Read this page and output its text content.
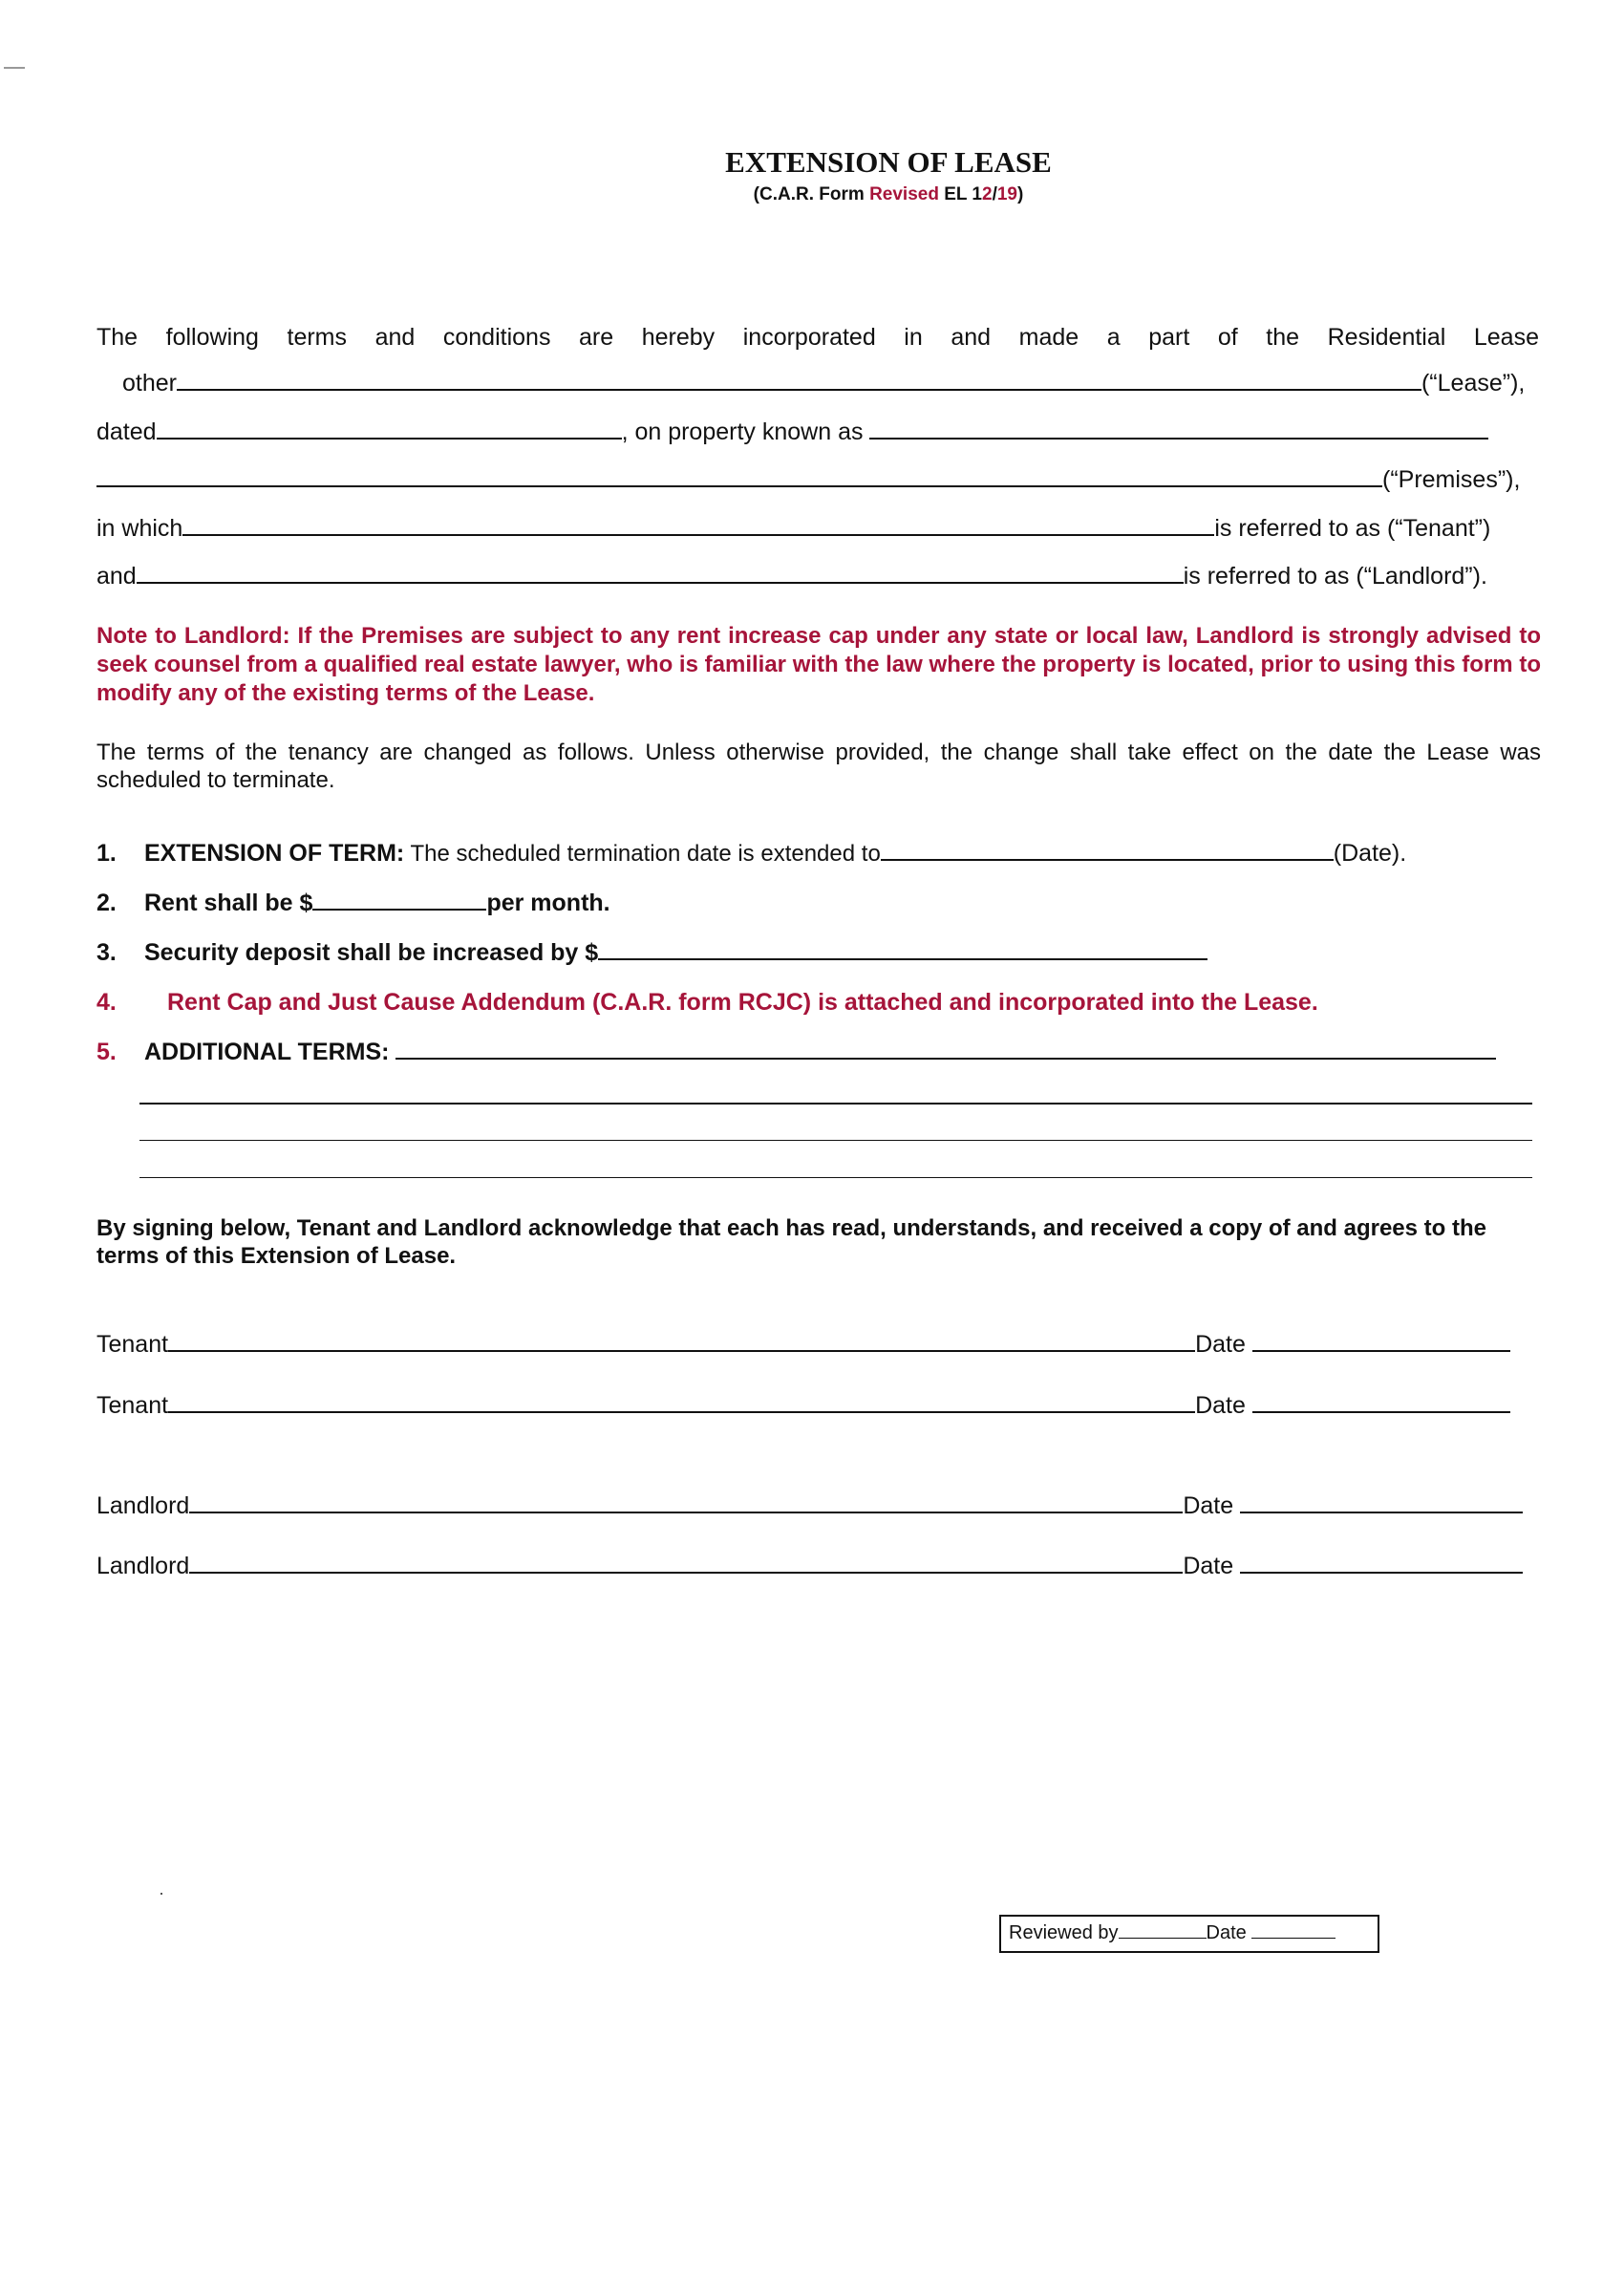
EXTENSION OF LEASE
(C.A.R. Form Revised EL 12/19)
The following terms and conditions are hereby incorporated in and made a part of the Residential Lease
other	(“Lease”),
dated	, on property known as
(“Premises”),
in which	is referred to as (“Tenant”)
and	is referred to as (“Landlord”).
Note to Landlord: If the Premises are subject to any rent increase cap under any state or local law, Landlord is strongly advised to seek counsel from a qualified real estate lawyer, who is familiar with the law where the property is located, prior to using this form to modify any of the existing terms of the Lease.
The terms of the tenancy are changed as follows. Unless otherwise provided, the change shall take effect on the date the Lease was scheduled to terminate.
1. EXTENSION OF TERM: The scheduled termination date is extended to	(Date).
2. Rent shall be $	per month.
3. Security deposit shall be increased by $
4. Rent Cap and Just Cause Addendum (C.A.R. form RCJC) is attached and incorporated into the Lease.
5. ADDITIONAL TERMS:
By signing below, Tenant and Landlord acknowledge that each has read, understands, and received a copy of and agrees to the terms of this Extension of Lease.
Tenant	Date
Tenant	Date
Landlord	Date
Landlord	Date
Reviewed by	Date
